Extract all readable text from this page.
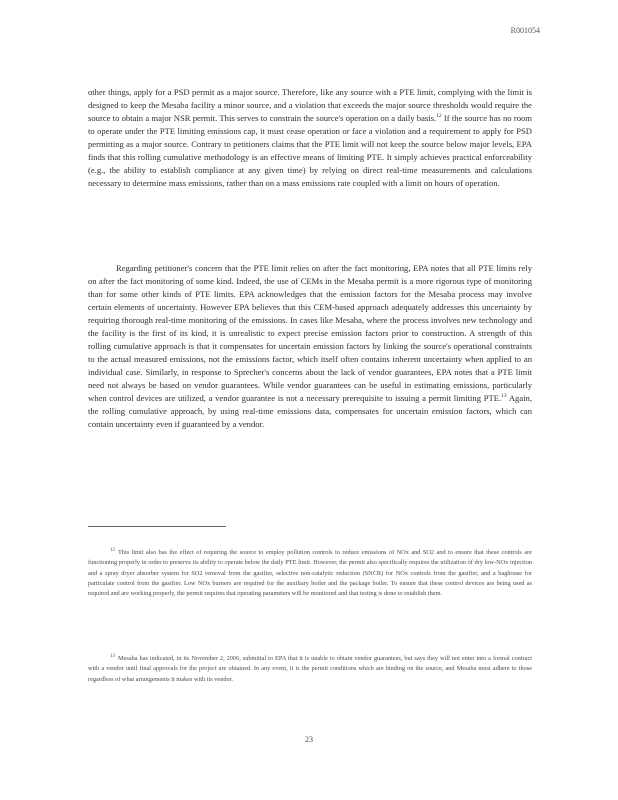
R001054

other things, apply for a PSD permit as a major source. Therefore, like any source with a PTE limit, complying with the limit is designed to keep the Mesaba facility a minor source, and a violation that exceeds the major source thresholds would require the source to obtain a major NSR permit. This serves to constrain the source's operation on a daily basis.$^{12}$ If the source has no room to operate under the PTE limiting emissions cap, it must cease operation or face a violation and a requirement to apply for PSD permitting as a major source. Contrary to petitioners claims that the PTE limit will not keep the source below major levels, EPA finds that this rolling cumulative methodology is an effective means of limiting PTE. It simply achieves practical enforceability (e.g., the ability to establish compliance at any given time) by relying on direct real-time measurements and calculations necessary to determine mass emissions, rather than on a mass emissions rate coupled with a limit on hours of operation.

Regarding petitioner's concern that the PTE limit relies on after the fact monitoring, EPA notes that all PTE limits rely on after the fact monitoring of some kind. Indeed, the use of CEMs in the Mesaba permit is a more rigorous type of monitoring than for some other kinds of PTE limits. EPA acknowledges that the emission factors for the Mesaba process may involve certain elements of uncertainty. However EPA believes that this CEM-based approach adequately addresses this uncertainty by requiring thorough real-time monitoring of the emissions. In cases like Mesaba, where the process involves new technology and the facility is the first of its kind, it is unrealistic to expect precise emission factors prior to construction. A strength of this rolling cumulative approach is that it compensates for uncertain emission factors by linking the source's operational constraints to the actual measured emissions, not the emissions factor, which itself often contains inherent uncertainty when applied to an individual case. Similarly, in response to Sprecher's concerns about the lack of vendor guarantees, EPA notes that a PTE limit need not always be based on vendor guarantees. While vendor guarantees can be useful in estimating emissions, particularly when control devices are utilized, a vendor guarantee is not a necessary prerequisite to issuing a permit limiting PTE.$^{13}$ Again, the rolling cumulative approach, by using real-time emissions data, compensates for uncertain emission factors, which can contain uncertainty even if guaranteed by a vendor.

$^{12}$ This limit also has the effect of requiring the source to employ pollution controls to reduce emissions of NOx and SO2 and to ensure that these controls are functioning properly in order to preserve its ability to operate below the daily PTE limit. However, the permit also specifically requires the utilization of dry low-NOx injection and a spray dryer absorber system for SO2 removal from the gasifier, selective non-catalytic reduction (SNCR) for NOx controls from the gasifier, and a baghouse for particulate control from the gasifier. Low NOx burners are required for the auxiliary boiler and the package boiler. To ensure that these control devices are being used as required and are working properly, the permit requires that operating parameters will be monitored and that testing is done to establish them.
$^{13}$ Mesaba has indicated, in its November 2, 2006, submittal to EPA that it is unable to obtain vendor guarantees, but says they will not enter into a formal contract with a vendor until final approvals for the project are obtained. In any event, it is the permit conditions which are binding on the source, and Mesaba must adhere to those regardless of what arrangements it makes with its vendor.
23
